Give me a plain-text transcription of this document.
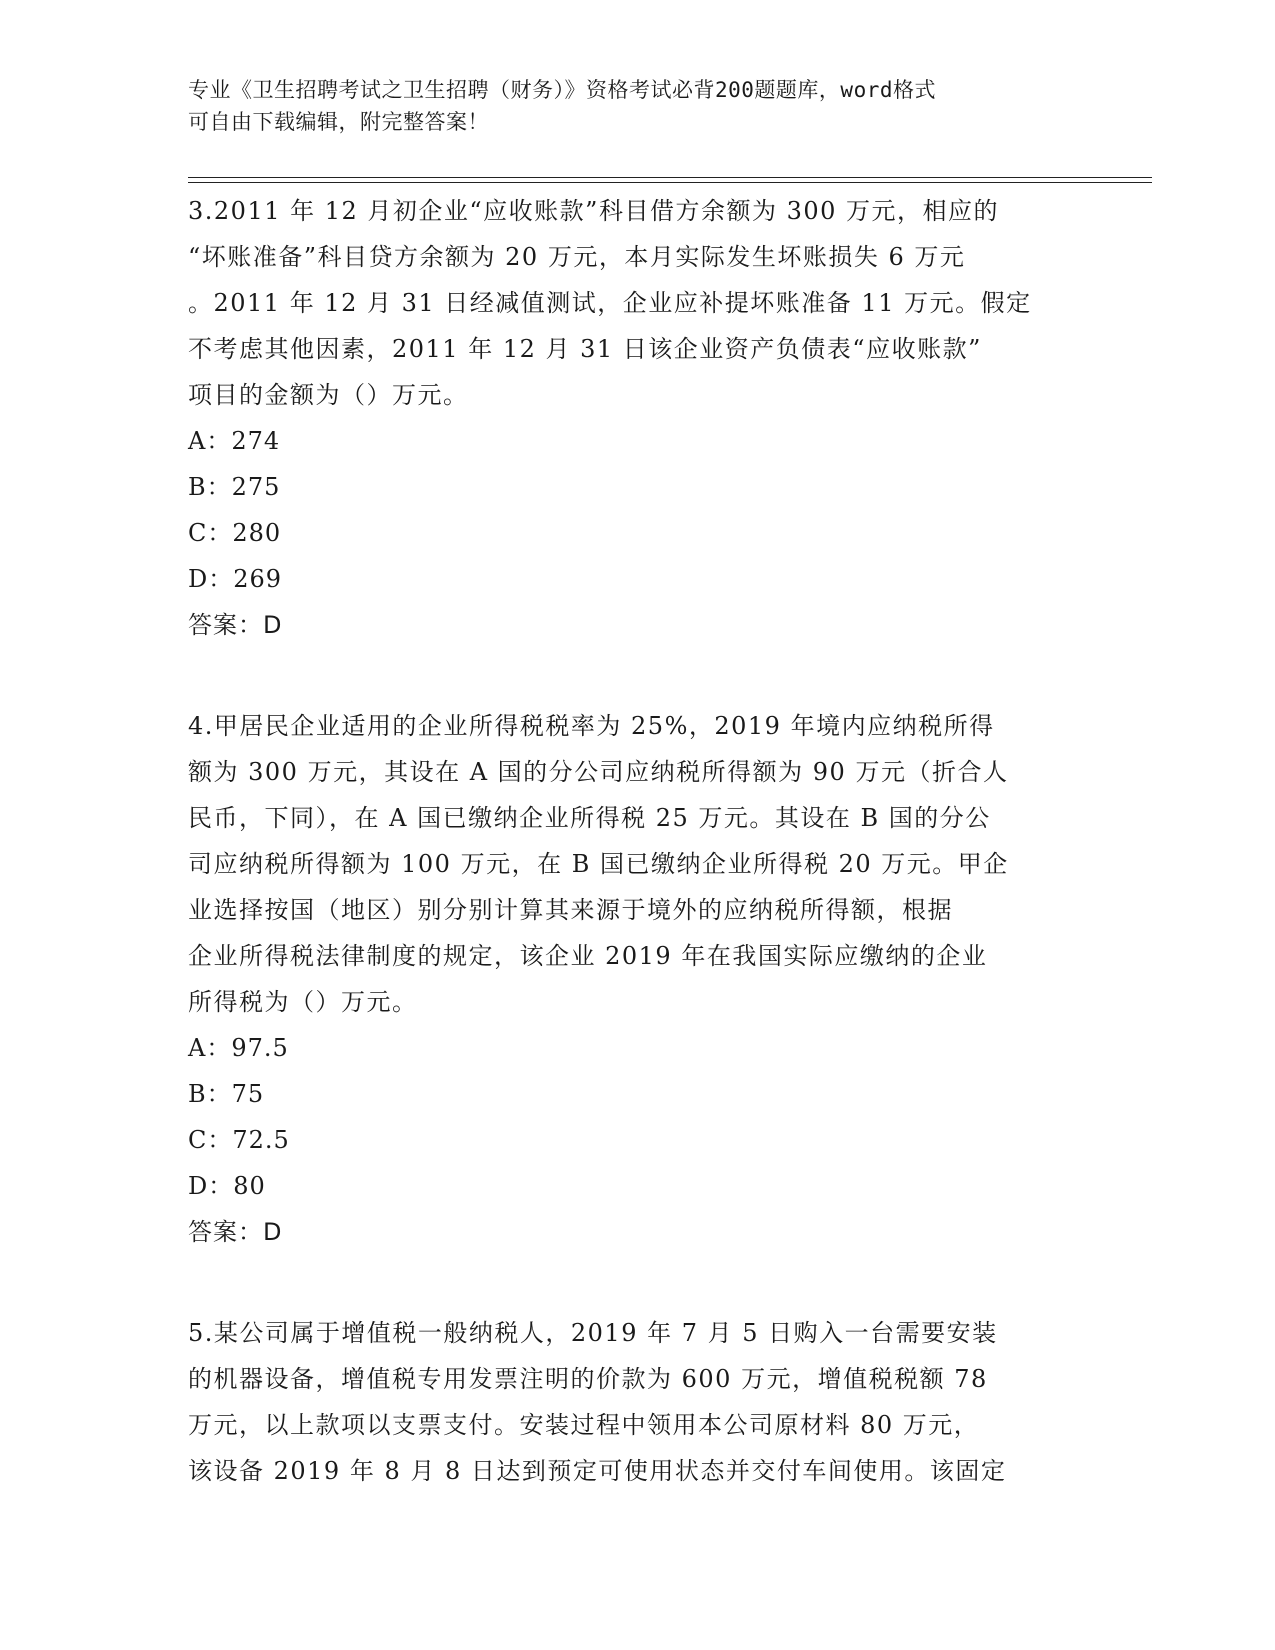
专业《卫生招聘考试之卫生招聘（财务）》资格考试必背200题题库，word格式
可自由下载编辑，附完整答案！
3.2011 年 12 月初企业“应收账款”科目借方余额为 300 万元，相应的
“坏账准备”科目贷方余额为 20 万元，本月实际发生坏账损失 6 万元
。2011 年 12 月 31 日经减值测试，企业应补提坏账准备 11 万元。假定
不考虑其他因素，2011 年 12 月 31 日该企业资产负债表“应收账款”
项目的金额为（）万元。
A：274
B：275
C：280
D：269
答案：D
4.甲居民企业适用的企业所得税税率为 25%，2019 年境内应纳税所得
额为 300 万元，其设在 A 国的分公司应纳税所得额为 90 万元（折合人
民币，下同），在 A 国已缴纳企业所得税 25 万元。其设在 B 国的分公
司应纳税所得额为 100 万元，在 B 国已缴纳企业所得税 20 万元。甲企
业选择按国（地区）别分别计算其来源于境外的应纳税所得额，根据
企业所得税法律制度的规定，该企业 2019 年在我国实际应缴纳的企业
所得税为（）万元。
A：97.5
B：75
C：72.5
D：80
答案：D
5.某公司属于增值税一般纳税人，2019 年 7 月 5 日购入一台需要安装
的机器设备，增值税专用发票注明的价款为 600 万元，增值税税额 78
万元，以上款项以支票支付。安装过程中领用本公司原材料 80 万元，
该设备 2019 年 8 月 8 日达到预定可使用状态并交付车间使用。该固定
